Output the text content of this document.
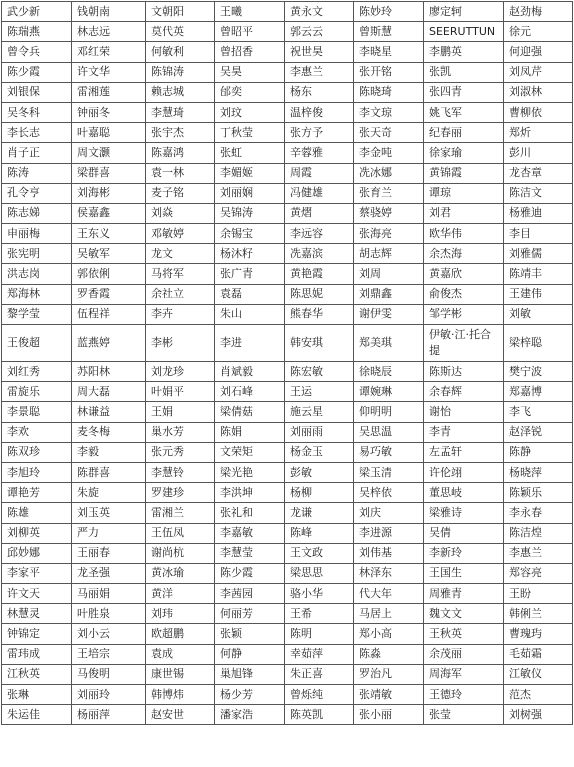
武少新	钱朝南	文朝阳	王曦	黄永文	陈妙玲	廖定轲	赵劲梅
陈瑞燕	林志远	莫代英	曾昭平	郭云云	曾斯慧	SEERUTTUN	徐元
曾令兵	邓红荣	何敏利	曾招香	祝世昊	李晓星	李鹏英	何迎强
陈少霞	许文华	陈锦涛	吴昊	李惠兰	张开铭	张凯	刘凤芹
刘银保	雷湘莲	赖志城	邰奕	杨东	陈晓琦	张四青	刘淑林
吴冬科	钟丽冬	李慧琦	刘玟	温梓俊	李文琼	姚飞军	曹柳依
李长志	叶嘉聪	张宇杰	丁秋莹	张方予	张天奇	纪春丽	郑炘
肖子正	周文灏	陈嘉鸿	张虹	辛蓉雅	李金吨	徐家瑜	彭川
陈涛	梁群喜	袁一林	李媚姬	周霞	冼冰娜	黄锦霞	龙杏章
孔令亨	刘海彬	麦子铭	刘丽娴	冯健雄	张育兰	谭琼	陈洁文
陈志娣	侯嘉鑫	刘焱	吴锦涛	黄熠	蔡骁婷	刘君	杨雅迪
申丽梅	王东义	邓敏婷	余锡宝	李远容	张海亮	欧华伟	李目
张宪明	吴敏军	龙文	杨沐籽	冼嘉滨	胡志辉	余杰海	刘雅儒
洪志岗	郭依俐	马将军	张广青	黄艳霞	刘周	黄嘉欣	陈靖丰
郑海林	罗香霞	余社立	袁磊	陈思妮	刘鼎鑫	俞俊杰	王建伟
黎学莹	伍程祥	李卉	朱山	熊春华	谢伊雯	邹学彬	刘敏
王俊超	蓝燕婷	李彬	李进	韩安琪	郑美琪	伊敏·江·托合提	梁梓聪
刘红秀	苏阳林	刘龙珍	肖斌毅	陈宏敏	徐晓辰	陈斯达	樊宁波
雷旋乐	周大磊	叶娟平	刘石峰	王运	谭婉琳	余春辉	郑嘉博
李景聪	林谦益	王娟	梁倩菇	施云星	仰明明	谢怡	李飞
李欢	麦冬梅	巢水芳	陈娟	刘丽雨	吴思温	李青	赵泽锐
陈双珍	李毅	张元秀	文荣矩	杨金玉	易巧敏	左孟轩	陈静
李旭玲	陈群喜	李慧铃	梁光艳	彭敏	梁玉清	许伦翊	杨晓萍
谭艳芳	朱旋	罗建珍	李洪坤	杨柳	吴梓依	董思岐	陈颖乐
陈雄	刘玉英	雷湘兰	张礼和	龙谦	刘庆	梁雅诗	李永春
刘柳英	严力	王伍凤	李嘉敏	陈峰	李进源	吴倩	陈洁煌
邱妙娜	王丽春	谢尚杭	李慧莹	王文政	刘伟基	李新玲	李惠兰
李家平	龙圣强	黄冰瑜	陈少霞	梁思思	林泽东	王国生	郑容亮
许文天	马丽娟	黄洋	李茜园	骆小华	代大年	周雅青	王盼
林慧灵	叶胜泉	刘玮	何丽芳	王希	马居上	魏文文	韩俐兰
钟锦定	刘小云	欧超鹏	张颖	陈明	郑小高	王秋英	曹瑰玙
雷玮成	王培宗	袁成	何静	幸茹萍	陈淼	余茂丽	毛茹霜
江秋英	马俊明	康世锡	巢旭锋	朱正喜	罗治凡	周海军	江敏仪
张琳	刘丽玲	韩博炜	杨少芳	曾烁纯	张靖敏	王德玲	范杰
朱运佳	杨丽萍	赵安世	潘家浩	陈英凯	张小丽	张莹	刘树强
